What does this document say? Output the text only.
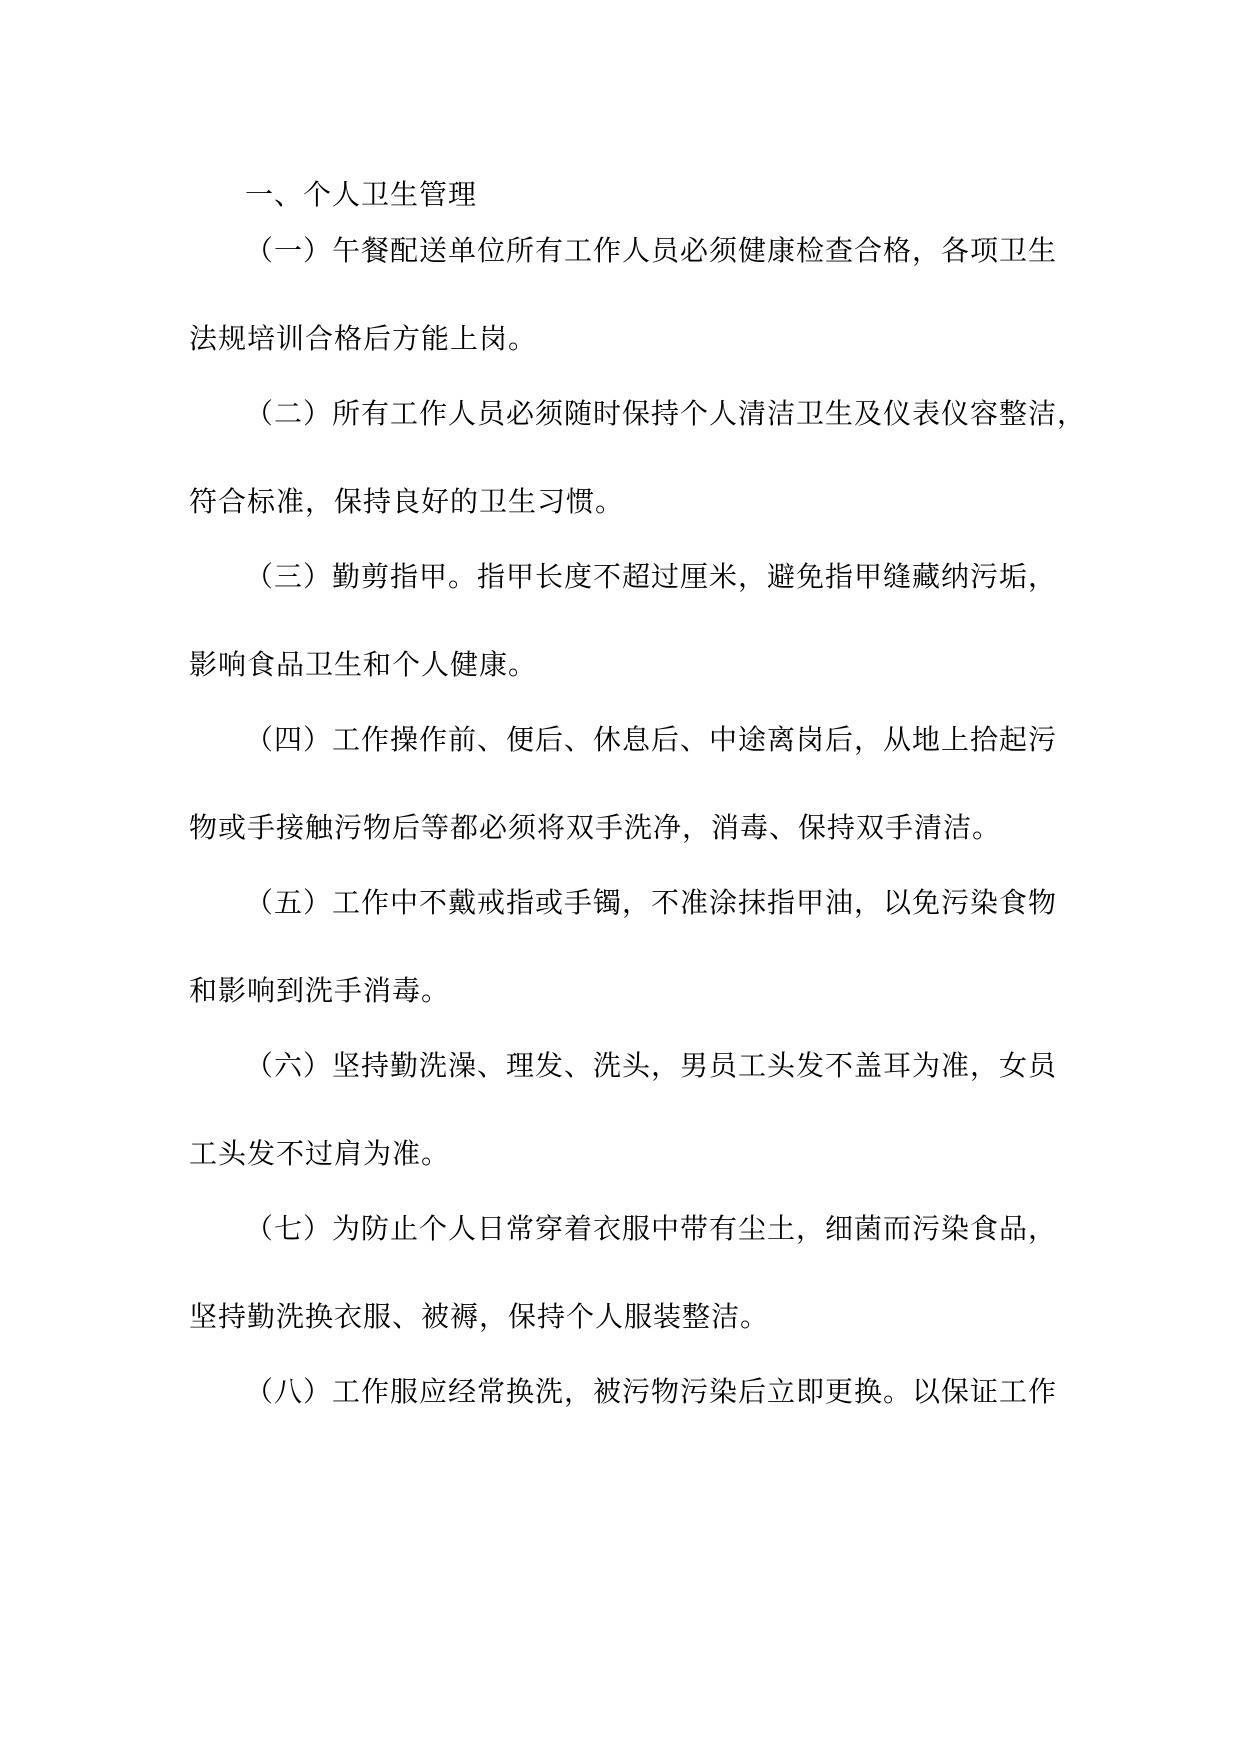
一、个人卫生管理
（一）午餐配送单位所有工作人员必须健康检查合格，各项卫生
法规培训合格后方能上岗。
（二）所有工作人员必须随时保持个人清洁卫生及仪表仪容整洁，
符合标准，保持良好的卫生习惯。
（三）勤剪指甲。指甲长度不超过厘米，避免指甲缝藏纳污垢，
影响食品卫生和个人健康。
（四）工作操作前、便后、休息后、中途离岗后，从地上拾起污
物或手接触污物后等都必须将双手洗净，消毒、保持双手清洁。
（五）工作中不戴戒指或手镯，不准涂抹指甲油，以免污染食物
和影响到洗手消毒。
（六）坚持勤洗澡、理发、洗头，男员工头发不盖耳为准，女员
工头发不过肩为准。
（七）为防止个人日常穿着衣服中带有尘土，细菌而污染食品，
坚持勤洗换衣服、被褥，保持个人服装整洁。
（八）工作服应经常换洗，被污物污染后立即更换。以保证工作
